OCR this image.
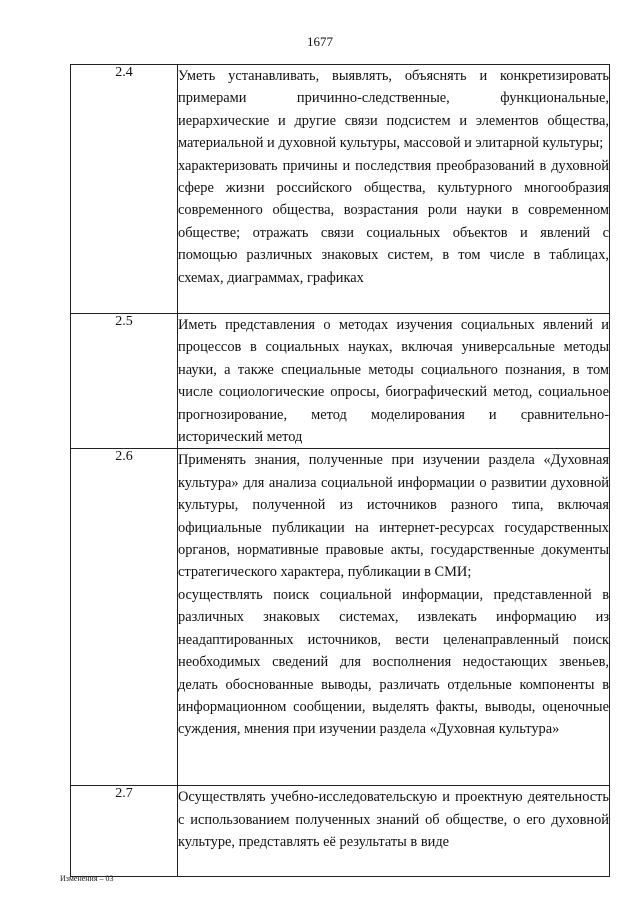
1677
2.4	Уметь устанавливать, выявлять, объяснять и конкретизировать примерами причинно-следственные, функциональные, иерархические и другие связи подсистем и элементов общества, материальной и духовной культуры, массовой и элитарной культуры;

характеризовать причины и последствия преобразований в духовной сфере жизни российского общества, культурного многообразия современного общества, возрастания роли науки в современном обществе; отражать связи социальных объектов и явлений с помощью различных знаковых систем, в том числе в таблицах, схемах, диаграммах, графиках

2.5	Иметь представления о методах изучения социальных явлений и процессов в социальных науках, включая универсальные методы науки, а также специальные методы социального познания, в том числе социологические опросы, биографический метод, социальное прогнозирование, метод моделирования и сравнительно-исторический метод

2.6	Применять знания, полученные при изучении раздела «Духовная культура» для анализа социальной информации о развитии духовной культуры, полученной из источников разного типа, включая официальные публикации на интернет-ресурсах государственных органов, нормативные правовые акты, государственные документы стратегического характера, публикации в СМИ;

осуществлять поиск социальной информации, представленной в различных знаковых системах, извлекать информацию из неадаптированных источников, вести целенаправленный поиск необходимых сведений для восполнения недостающих звеньев, делать обоснованные выводы, различать отдельные компоненты в информационном сообщении, выделять факты, выводы, оценочные суждения, мнения при изучении раздела «Духовная культура»

2.7	Осуществлять учебно-исследовательскую и проектную деятельность с использованием полученных знаний об обществе, о его духовной культуре, представлять её результаты в виде

Изменения – 03
